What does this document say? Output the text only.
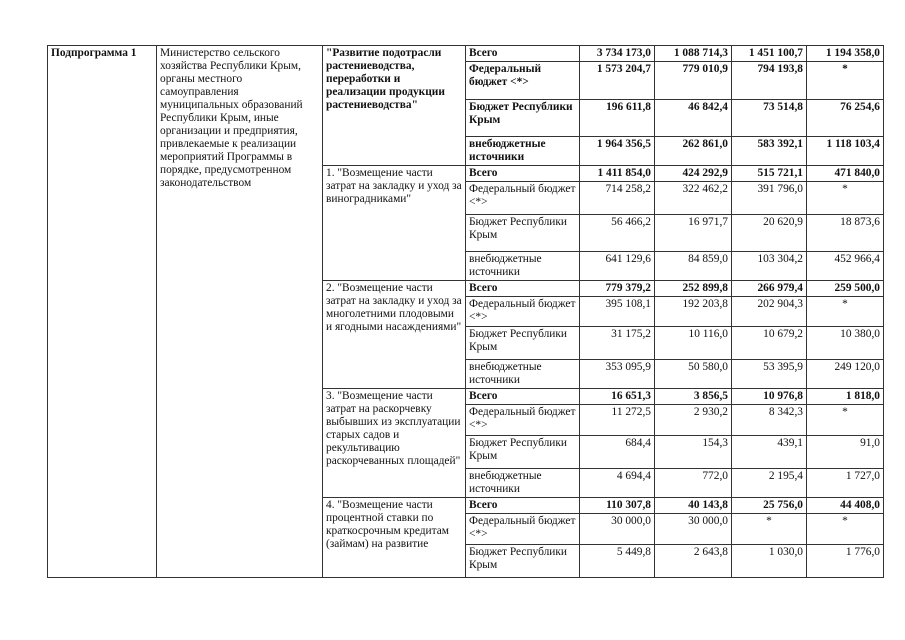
Подпрограмма 1	Министерство сельского хозяйства Республики Крым, органы местного самоуправления муниципальных образований Республики Крым, иные организации и предприятия, привлекаемые к реализации мероприятий Программы в порядке, предусмотренном законодательством	"Развитие подотрасли растениеводства, переработки и реализации продукции растениеводства"	Всего	3 734 173,0	1 088 714,3	1 451 100,7	1 194 358,0
			Федеральный бюджет <*>	1 573 204,7	779 010,9	794 193,8	*
			Бюджет Республики Крым	196 611,8	46 842,4	73 514,8	76 254,6
			внебюджетные источники	1 964 356,5	262 861,0	583 392,1	1 118 103,4
		1. "Возмещение части затрат на закладку и уход за виноградниками"	Всего	1 411 854,0	424 292,9	515 721,1	471 840,0
			Федеральный бюджет <*>	714 258,2	322 462,2	391 796,0	*
			Бюджет Республики Крым	56 466,2	16 971,7	20 620,9	18 873,6
			внебюджетные источники	641 129,6	84 859,0	103 304,2	452 966,4
		2. "Возмещение части затрат на закладку и уход за многолетними плодовыми и ягодными насаждениями"	Всего	779 379,2	252 899,8	266 979,4	259 500,0
			Федеральный бюджет <*>	395 108,1	192 203,8	202 904,3	*
			Бюджет Республики Крым	31 175,2	10 116,0	10 679,2	10 380,0
			внебюджетные источники	353 095,9	50 580,0	53 395,9	249 120,0
		3. "Возмещение части затрат на раскорчевку выбывших из эксплуатации старых садов и рекультивацию раскорчеванных площадей"	Всего	16 651,3	3 856,5	10 976,8	1 818,0
			Федеральный бюджет <*>	11 272,5	2 930,2	8 342,3	*
			Бюджет Республики Крым	684,4	154,3	439,1	91,0
			внебюджетные источники	4 694,4	772,0	2 195,4	1 727,0
		4. "Возмещение части процентной ставки по краткосрочным кредитам (займам) на развитие	Всего	110 307,8	40 143,8	25 756,0	44 408,0
			Федеральный бюджет <*>	30 000,0	30 000,0	*	*
			Бюджет Республики Крым	5 449,8	2 643,8	1 030,0	1 776,0
